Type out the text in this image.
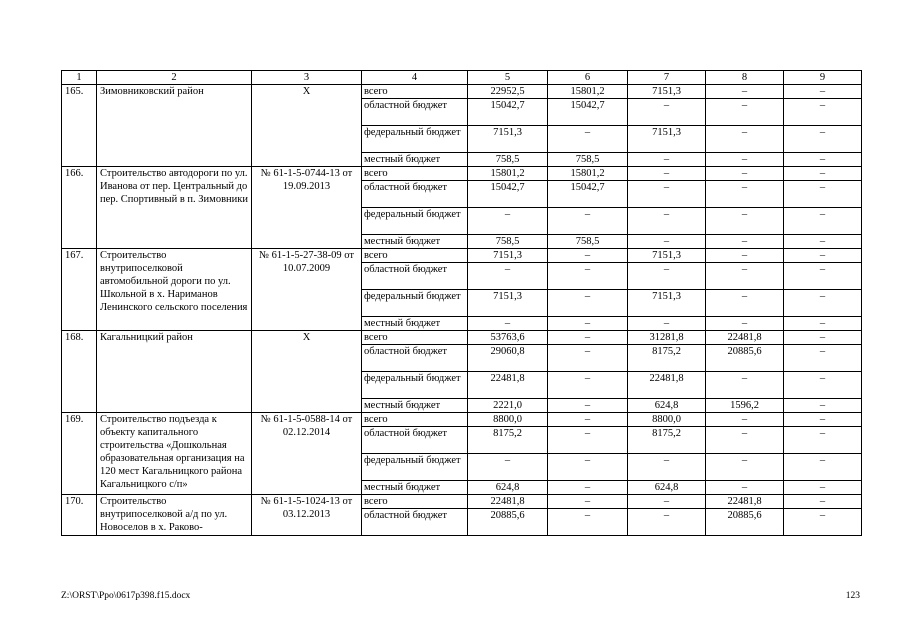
1	2	3	4	5	6	7	8	9
165.	Зимовниковский район	Х	всего	22952,5	15801,2	7151,3	–	–
			областной бюджет	15042,7	15042,7	–	–	–
			федеральный бюджет	7151,3	–	7151,3	–	–
			местный бюджет	758,5	758,5	–	–	–
166.	Строительство автодороги по ул. Иванова от пер. Центральный до пер. Спортивный в п. Зимовники	№ 61-1-5-0744-13 от 19.09.2013	всего	15801,2	15801,2	–	–	–
			областной бюджет	15042,7	15042,7	–	–	–
			федеральный бюджет	–	–	–	–	–
			местный бюджет	758,5	758,5	–	–	–
167.	Строительство внутрипоселковой автомобильной дороги по ул. Школьной в х. Нариманов Ленинского сельского поселения	№ 61-1-5-27-38-09 от 10.07.2009	всего	7151,3	–	7151,3	–	–
			областной бюджет	–	–	–	–	–
			федеральный бюджет	7151,3	–	7151,3	–	–
			местный бюджет	–	–	–	–	–
168.	Кагальницкий район	Х	всего	53763,6	–	31281,8	22481,8	–
			областной бюджет	29060,8	–	8175,2	20885,6	–
			федеральный бюджет	22481,8	–	22481,8	–	–
			местный бюджет	2221,0	–	624,8	1596,2	–
169.	Строительство подъезда к объекту капитального строительства «Дошкольная образовательная организация на 120 мест Кагальницкого района Кагальницкого с/п»	№ 61-1-5-0588-14 от 02.12.2014	всего	8800,0	–	8800,0	–	–
			областной бюджет	8175,2	–	8175,2	–	–
			федеральный бюджет	–	–	–	–	–
			местный бюджет	624,8	–	624,8	–	–
170.	Строительство внутрипоселковой а/д по ул. Новоселов в х. Раково-	№ 61-1-5-1024-13 от 03.12.2013	всего	22481,8	–	–	22481,8	–
			областной бюджет	20885,6	–	–	20885,6	–
Z:\ORST\Ppo\0617p398.f15.docx	123
